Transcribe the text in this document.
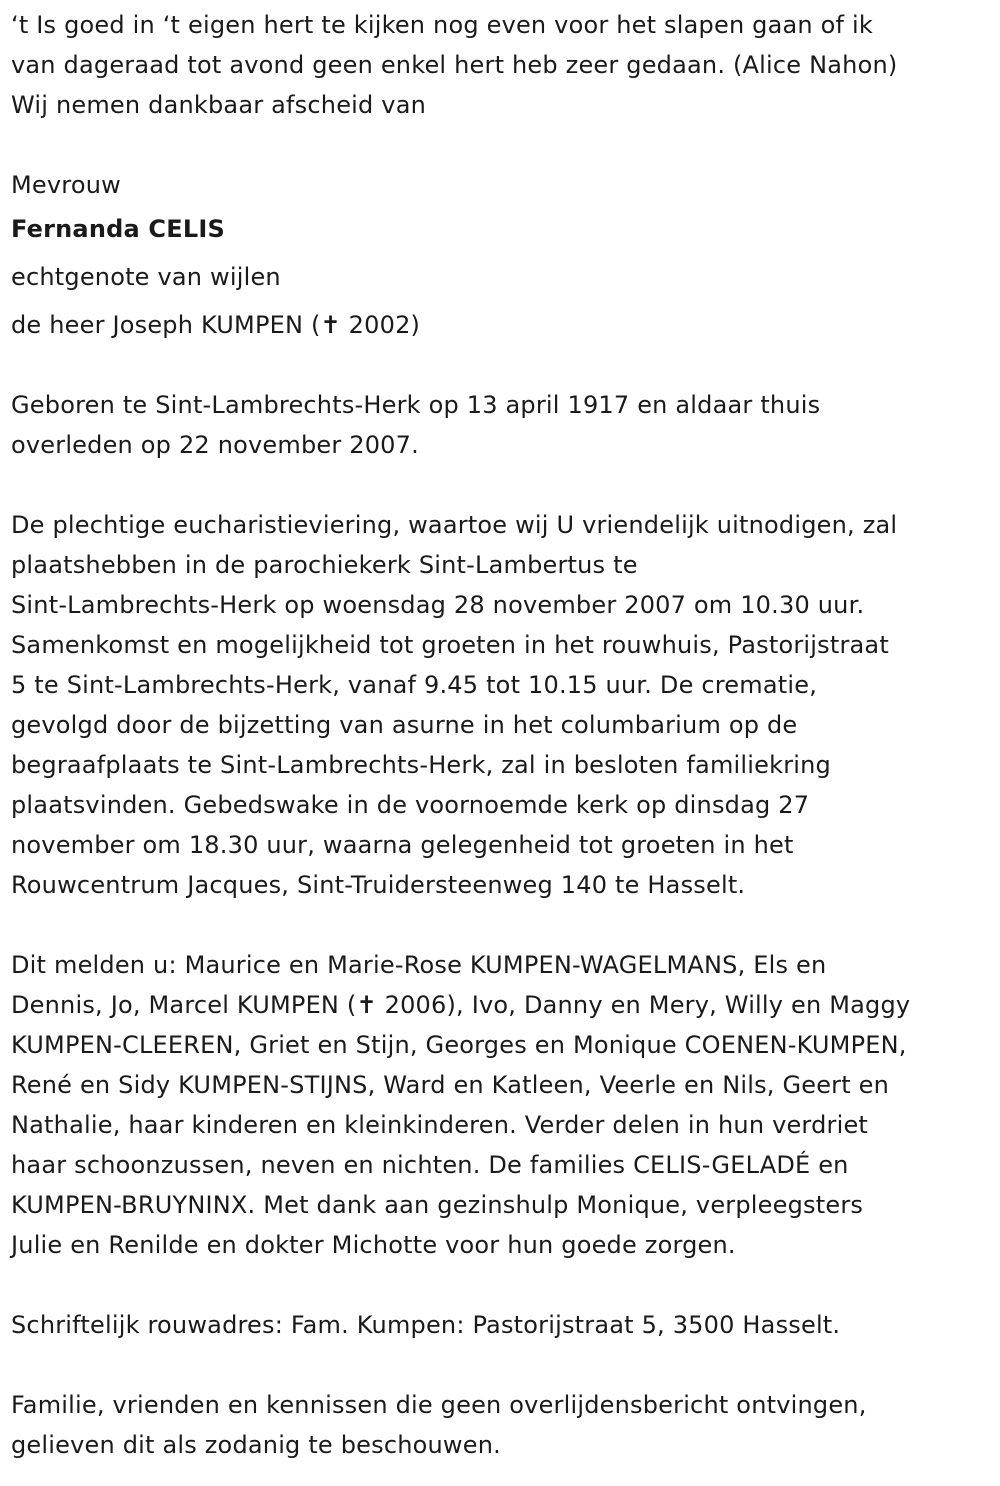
‘t Is goed in ‘t eigen hert te kijken nog even voor het slapen gaan of ik
van dageraad tot avond geen enkel hert heb zeer gedaan. (Alice Nahon)
Wij nemen dankbaar afscheid van

Mevrouw
Fernanda CELIS
echtgenote van wijlen
de heer Joseph KUMPEN (✝ 2002)

Geboren te Sint-Lambrechts-Herk op 13 april 1917 en aldaar thuis
overleden op 22 november 2007.

De plechtige eucharistieviering, waartoe wij U vriendelijk uitnodigen, zal
plaatshebben in de parochiekerk Sint-Lambertus te
Sint-Lambrechts-Herk op woensdag 28 november 2007 om 10.30 uur.
Samenkomst en mogelijkheid tot groeten in het rouwhuis, Pastorijstraat
5 te Sint-Lambrechts-Herk, vanaf 9.45 tot 10.15 uur. De crematie,
gevolgd door de bijzetting van asurne in het columbarium op de
begraafplaats te Sint-Lambrechts-Herk, zal in besloten familiekring
plaatsvinden. Gebedswake in de voornoemde kerk op dinsdag 27
november om 18.30 uur, waarna gelegenheid tot groeten in het
Rouwcentrum Jacques, Sint-Truidersteenweg 140 te Hasselt.

Dit melden u: Maurice en Marie-Rose KUMPEN-WAGELMANS, Els en
Dennis, Jo, Marcel KUMPEN (✝ 2006), Ivo, Danny en Mery, Willy en Maggy
KUMPEN-CLEEREN, Griet en Stijn, Georges en Monique COENEN-KUMPEN,
René en Sidy KUMPEN-STIJNS, Ward en Katleen, Veerle en Nils, Geert en
Nathalie, haar kinderen en kleinkinderen. Verder delen in hun verdriet
haar schoonzussen, neven en nichten. De families CELIS-GELADÉ en
KUMPEN-BRUYNINX. Met dank aan gezinshulp Monique, verpleegsters
Julie en Renilde en dokter Michotte voor hun goede zorgen.

Schriftelijk rouwadres: Fam. Kumpen: Pastorijstraat 5, 3500 Hasselt.

Familie, vrienden en kennissen die geen overlijdensbericht ontvingen,
gelieven dit als zodanig te beschouwen.
